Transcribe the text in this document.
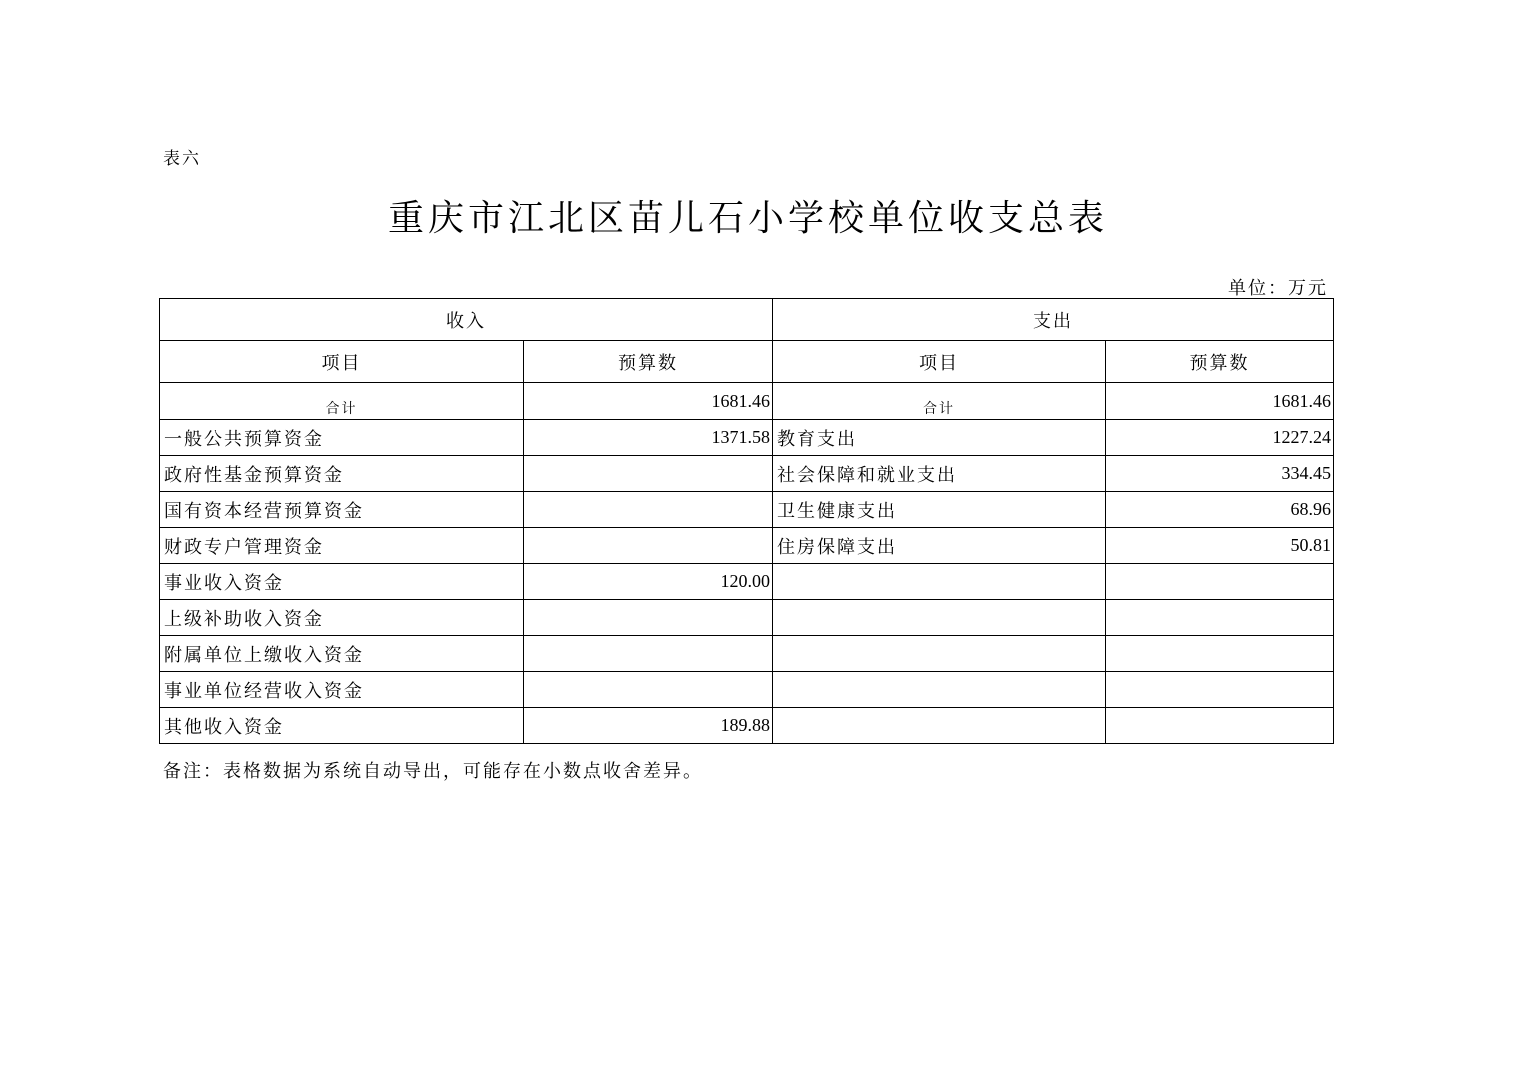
表六
重庆市江北区苗儿石小学校单位收支总表
单位：万元
收入		支出	
项目	预算数	项目	预算数
合计	1681.46	合计	1681.46
一般公共预算资金	1371.58	教育支出	1227.24
政府性基金预算资金		社会保障和就业支出	334.45
国有资本经营预算资金		卫生健康支出	68.96
财政专户管理资金		住房保障支出	50.81
事业收入资金	120.00		
上级补助收入资金			
附属单位上缴收入资金			
事业单位经营收入资金			
其他收入资金	189.88		
备注：表格数据为系统自动导出，可能存在小数点收舍差异。
